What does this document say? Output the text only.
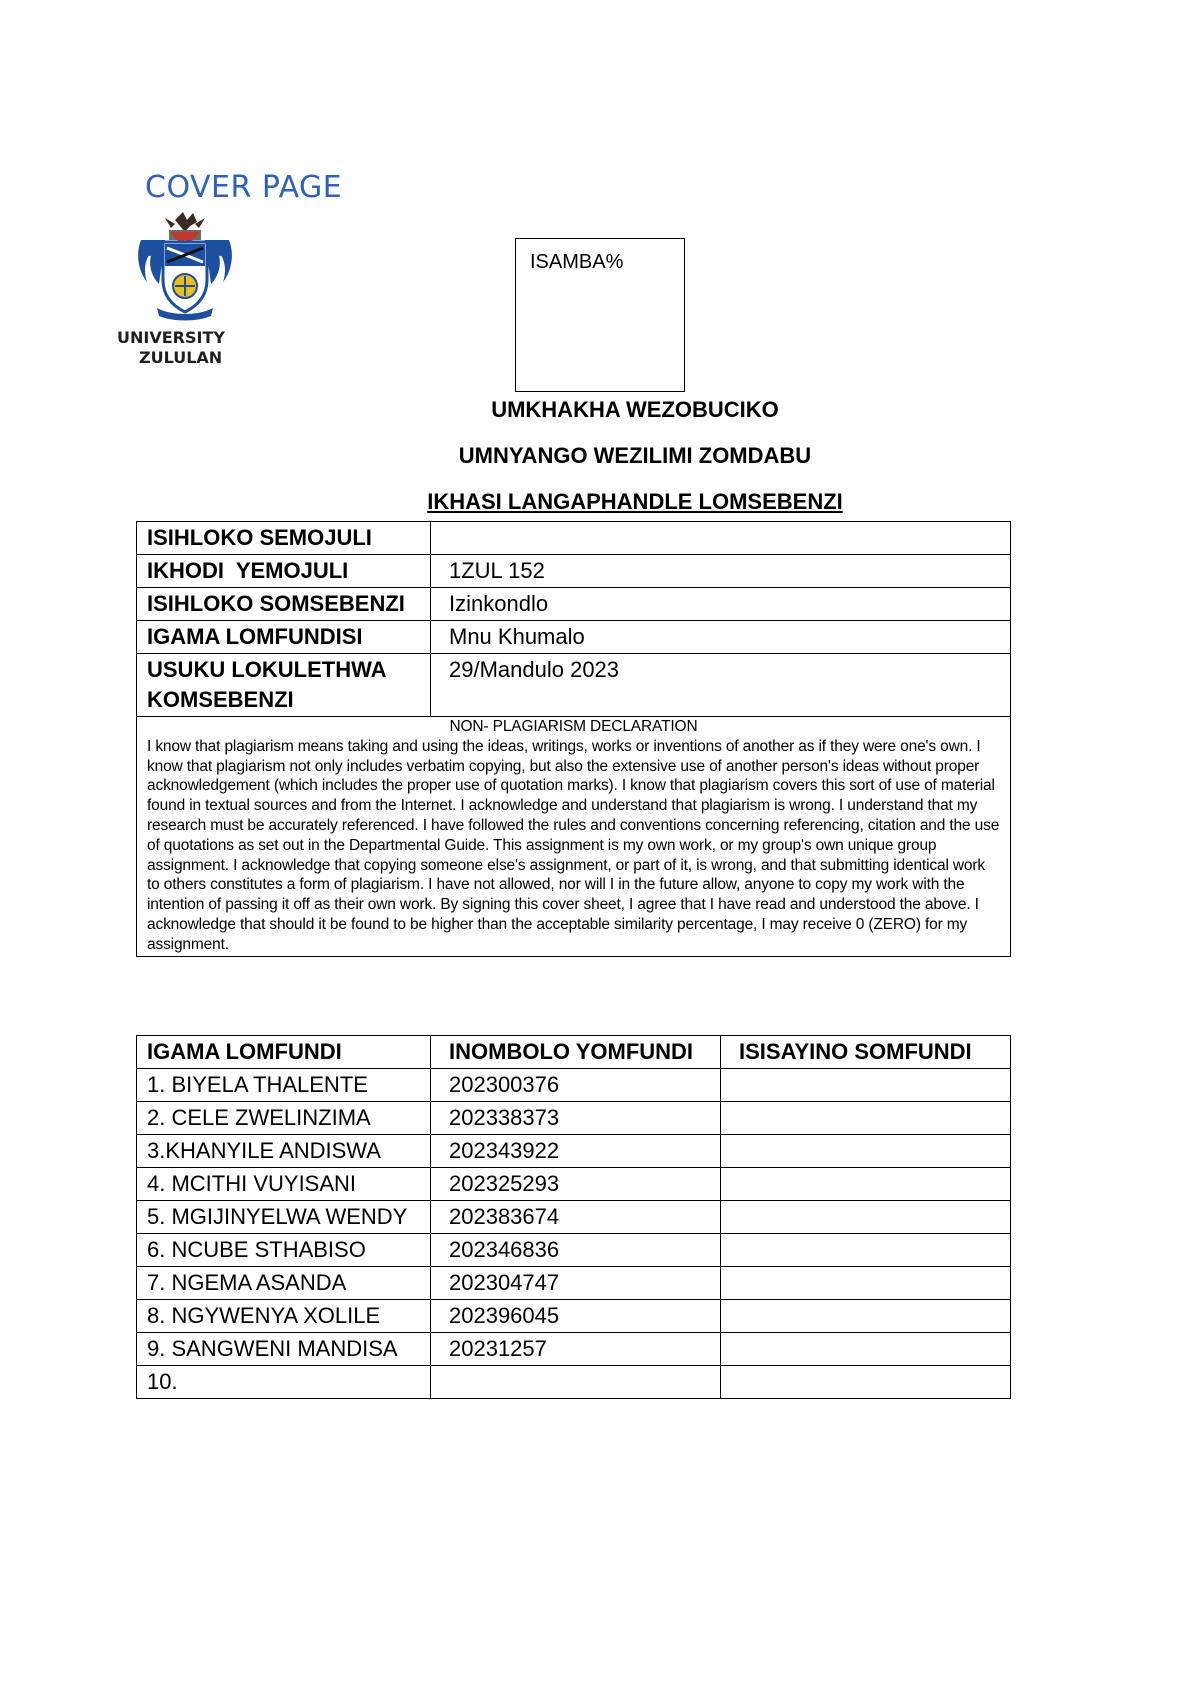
COVER PAGE
UNIVERSITY
ZULULAN
ISAMBA%
UMKHAKHA WEZOBUCIKO
UMNYANGO WEZILIMI ZOMDABU
IKHASI LANGAPHANDLE LOMSEBENZI
ISIHLOKO SEMOJULI	
IKHODI  YEMOJULI	1ZUL 152
ISIHLOKO SOMSEBENZI	Izinkondlo
IGAMA LOMFUNDISI	Mnu Khumalo
USUKU LOKULETHWA KOMSEBENZI	29/Mandulo 2023

NON- PLAGIARISM DECLARATION
I know that plagiarism means taking and using the ideas, writings, works or inventions of another as if they were one's own. I know that plagiarism not only includes verbatim copying, but also the extensive use of another person's ideas without proper acknowledgement (which includes the proper use of quotation marks). I know that plagiarism covers this sort of use of material found in textual sources and from the Internet. I acknowledge and understand that plagiarism is wrong. I understand that my research must be accurately referenced. I have followed the rules and conventions concerning referencing, citation and the use of quotations as set out in the Departmental Guide. This assignment is my own work, or my group's own unique group assignment. I acknowledge that copying someone else's assignment, or part of it, is wrong, and that submitting identical work to others constitutes a form of plagiarism. I have not allowed, nor will I in the future allow, anyone to copy my work with the intention of passing it off as their own work. By signing this cover sheet, I agree that I have read and understood the above. I acknowledge that should it be found to be higher than the acceptable similarity percentage, I may receive 0 (ZERO) for my assignment.	
IGAMA LOMFUNDI	INOMBOLO YOMFUNDI	ISISAYINO SOMFUNDI
1. BIYELA THALENTE	202300376	
2. CELE ZWELINZIMA	202338373	
3.KHANYILE ANDISWA	202343922	
4. MCITHI VUYISANI	202325293	
5. MGIJINYELWA WENDY	202383674	
6. NCUBE STHABISO	202346836	
7. NGEMA ASANDA	202304747	
8. NGYWENYA XOLILE	202396045	
9. SANGWENI MANDISA	20231257	
10.		
